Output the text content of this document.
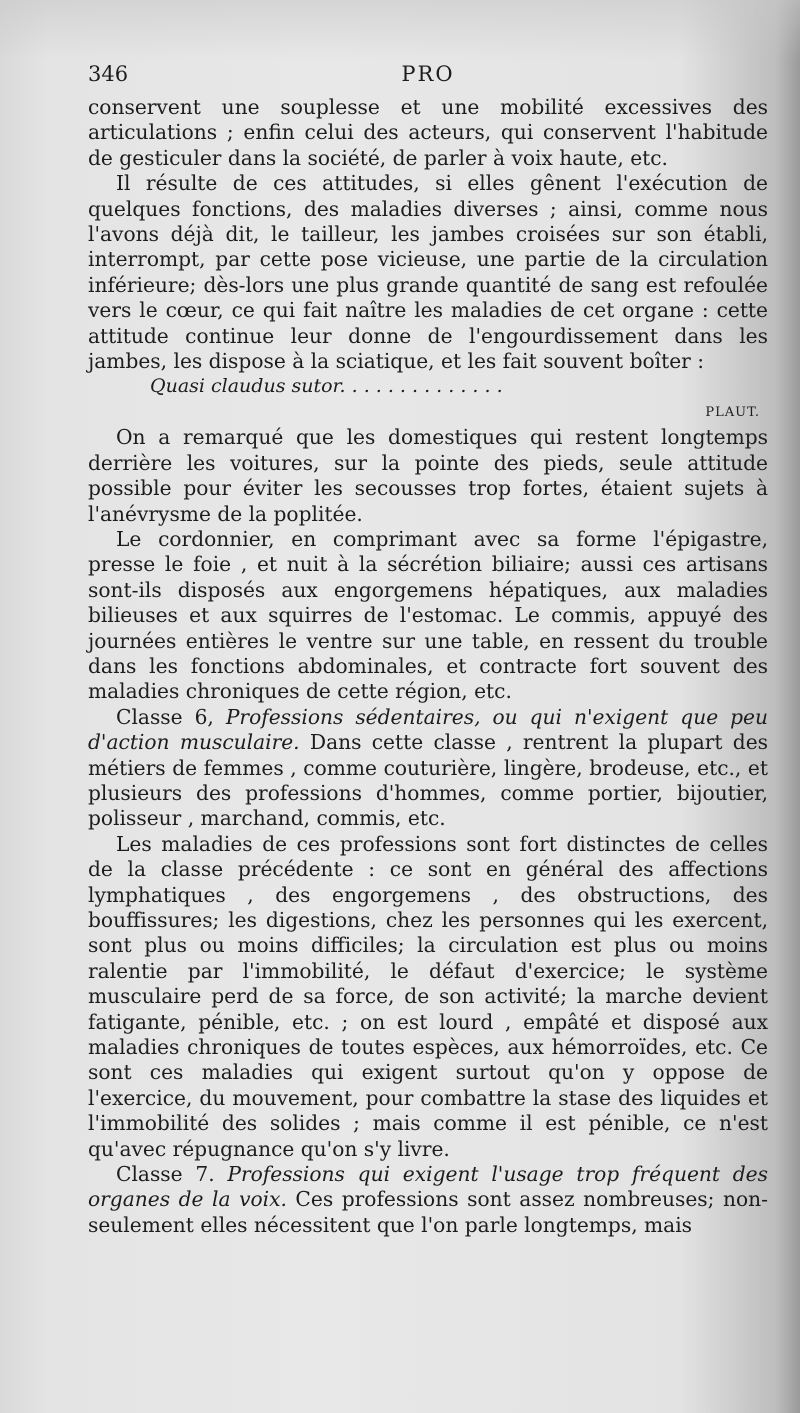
346	PRO

conservent une souplesse et une mobilité excessives des articulations ; enfin celui des acteurs, qui conservent l'habitude de gesticuler dans la société, de parler à voix haute, etc.

Il résulte de ces attitudes, si elles gênent l'exécution de quelques fonctions, des maladies diverses ; ainsi, comme nous l'avons déjà dit, le tailleur, les jambes croisées sur son établi, interrompt, par cette pose vicieuse, une partie de la circulation inférieure; dès-lors une plus grande quantité de sang est refoulée vers le cœur, ce qui fait naître les maladies de cet organe : cette attitude continue leur donne de l'engourdissement dans les jambes, les dispose à la sciatique, et les fait souvent boîter :

Quasi claudus sutor. . . . . . . . . . . . . .

PLAUT.

On a remarqué que les domestiques qui restent longtemps derrière les voitures, sur la pointe des pieds, seule attitude possible pour éviter les secousses trop fortes, étaient sujets à l'anévrysme de la poplitée.

Le cordonnier, en comprimant avec sa forme l'épigastre, presse le foie , et nuit à la sécrétion biliaire; aussi ces artisans sont-ils disposés aux engorgemens hépatiques, aux maladies bilieuses et aux squirres de l'estomac. Le commis, appuyé des journées entières le ventre sur une table, en ressent du trouble dans les fonctions abdominales, et contracte fort souvent des maladies chroniques de cette région, etc.

Classe 6, Professions sédentaires, ou qui n'exigent que peu d'action musculaire. Dans cette classe , rentrent la plupart des métiers de femmes , comme couturière, lingère, brodeuse, etc., et plusieurs des professions d'hommes, comme portier, bijoutier, polisseur , marchand, commis, etc.

Les maladies de ces professions sont fort distinctes de celles de la classe précédente : ce sont en général des affections lymphatiques , des engorgemens , des obstructions, des bouffissures; les digestions, chez les personnes qui les exercent, sont plus ou moins difficiles; la circulation est plus ou moins ralentie par l'immobilité, le défaut d'exercice; le système musculaire perd de sa force, de son activité; la marche devient fatigante, pénible, etc. ; on est lourd , empâté et disposé aux maladies chroniques de toutes espèces, aux hémorroïdes, etc. Ce sont ces maladies qui exigent surtout qu'on y oppose de l'exercice, du mouvement, pour combattre la stase des liquides et l'immobilité des solides ; mais comme il est pénible, ce n'est qu'avec répugnance qu'on s'y livre.

Classe 7. Professions qui exigent l'usage trop fréquent des organes de la voix. Ces professions sont assez nombreuses; non-seulement elles nécessitent que l'on parle longtemps, mais
